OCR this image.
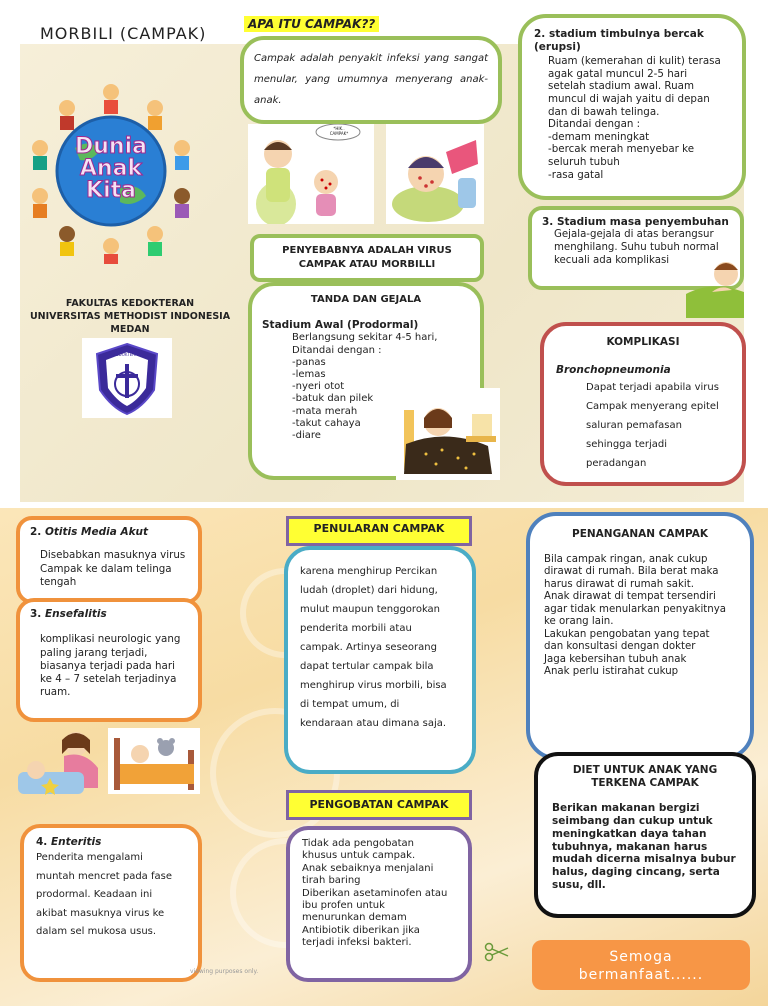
MORBILI (CAMPAK)
Dunia
Anak
Kita
FAKULTAS KEDOKTERAN
UNIVERSITAS METHODIST INDONESIA
MEDAN
KEDOKTERAN
APA ITU CAMPAK??
Campak adalah penyakit infeksi yang sangat menular, yang umumnya menyerang anak-anak.
*HIK.. CAMPAK*
PENYEBABNYA ADALAH VIRUS CAMPAK ATAU MORBILLI
TANDA DAN GEJALA
Stadium Awal (Prodormal)
Berlangsung sekitar 4-5 hari,
Ditandai dengan :
-panas
-lemas
-nyeri otot
-batuk dan pilek
-mata merah
-takut cahaya
-diare
2. stadium timbulnya bercak (erupsi)
Ruam (kemerahan di kulit) terasa
agak gatal muncul 2-5 hari
setelah stadium awal. Ruam
muncul di wajah yaitu di depan
dan di bawah telinga.
Ditandai dengan :
-demam meningkat
-bercak merah menyebar ke
seluruh tubuh
-rasa gatal
3. Stadium masa penyembuhan
Gejala-gejala di atas berangsur
menghilang. Suhu tubuh normal
kecuali ada komplikasi
KOMPLIKASI
Bronchopneumonia
Dapat terjadi apabila virus
Campak menyerang epitel
saluran pemafasan
sehingga terjadi
peradangan
2. Otitis Media Akut
Disebabkan masuknya virus
Campak ke dalam telinga
tengah
3. Ensefalitis
komplikasi neurologic yang
paling jarang terjadi,
biasanya terjadi pada hari
ke 4 – 7 setelah terjadinya
ruam.
4. Enteritis
Penderita mengalami
muntah mencret pada fase
prodormal. Keadaan ini
akibat masuknya virus ke
dalam sel mukosa usus.
PENULARAN CAMPAK
karena menghirup Percikan
ludah (droplet) dari hidung,
mulut maupun tenggorokan
penderita morbili atau
campak. Artinya seseorang
dapat tertular campak bila
menghirup virus morbili, bisa
di tempat umum, di
kendaraan atau dimana saja.
PENGOBATAN CAMPAK
Tidak ada pengobatan
khusus untuk campak.
Anak sebaiknya menjalani
tirah baring
Diberikan asetaminofen atau
ibu profen untuk
menurunkan demam
Antibiotik diberikan jika
terjadi infeksi bakteri.
PENANGANAN CAMPAK
Bila campak ringan, anak cukup
dirawat di rumah. Bila berat maka
harus dirawat di rumah sakit.
Anak dirawat di tempat tersendiri
agar tidak menularkan penyakitnya
ke orang lain.
Lakukan pengobatan yang tepat
dan konsultasi dengan dokter
Jaga kebersihan tubuh anak
Anak perlu istirahat cukup
DIET UNTUK ANAK YANG TERKENA CAMPAK
Berikan makanan bergizi
seimbang dan cukup untuk
meningkatkan daya tahan
tubuhnya, makanan harus
mudah dicerna misalnya bubur
halus, daging cincang, serta
susu, dll.
Semoga
bermanfaat......
viewing purposes only.
